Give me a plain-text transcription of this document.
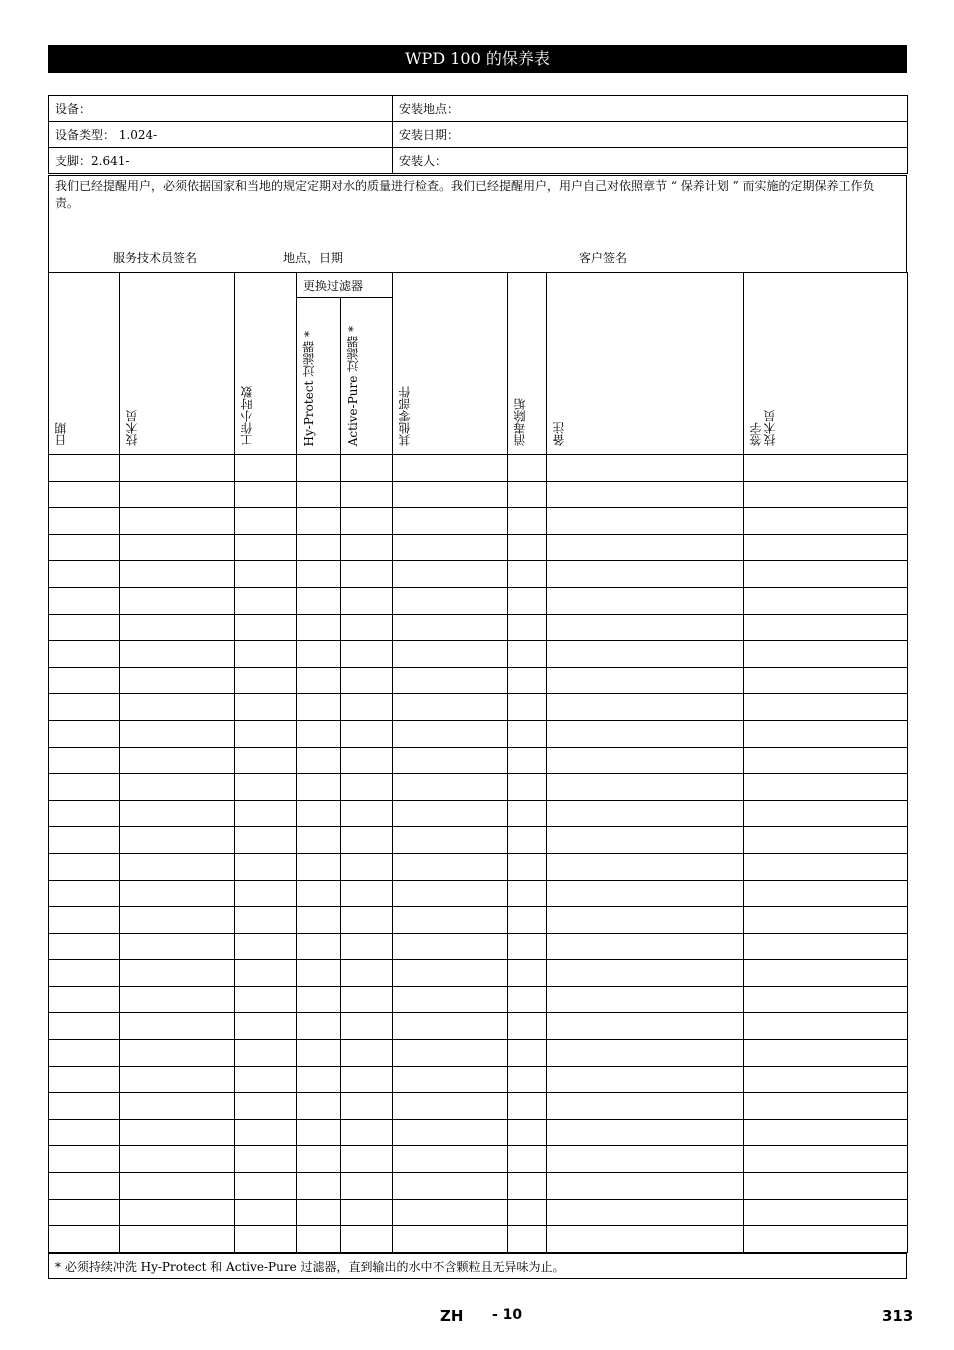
WPD 100 的保养表
设备：	安装地点：
设备类型： 1.024-	安装日期：
支脚：2.641-	安装人：
我们已经提醒用户，必须依据国家和当地的规定定期对水的质量进行检查。我们已经提醒用户，用户自己对依照章节 “ 保养计划 ” 而实施的定期保养工作负责。
服务技术员签名	地点，日期	客户签名
日期	技术员	工作小时数	更换过滤器		其他零部件	消毒除垢	备注	签字
技术员
			Hy-Protect 过滤器 *	Active-Pure 过滤器 *				

* 必须持续冲洗 Hy-Protect 和 Active-Pure 过滤器，直到输出的水中不含颗粒且无异味为止。
ZH - 10	313
